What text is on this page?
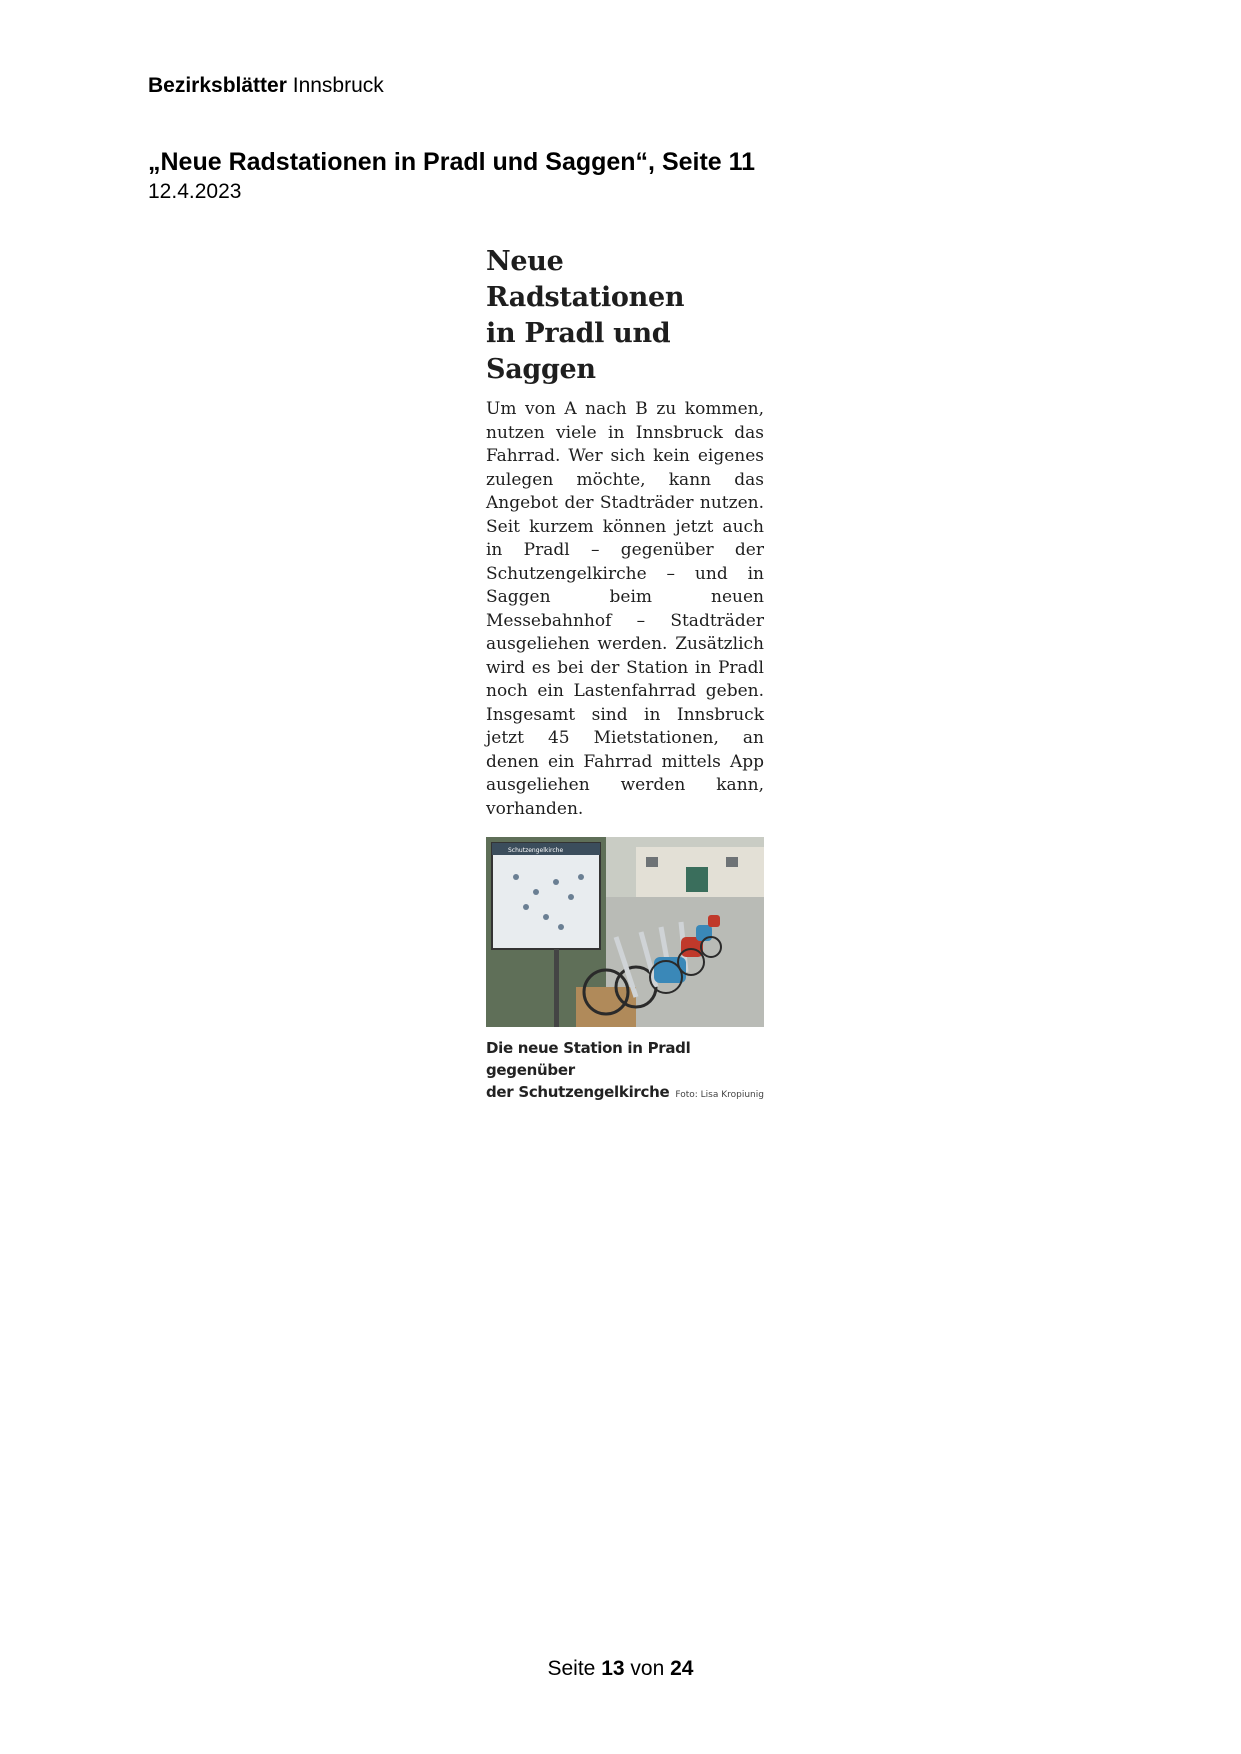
Bezirksblätter Innsbruck
„Neue Radstationen in Pradl und Saggen“, Seite 11
12.4.2023
Neue Radstationen
in Pradl und Saggen
Um von A nach B zu kommen, nutzen viele in Innsbruck das Fahrrad. Wer sich kein eigenes zulegen möchte, kann das Angebot der Stadträder nutzen. Seit kurzem können jetzt auch in Pradl – gegenüber der Schutzengelkirche – und in Saggen beim neuen Messebahnhof – Stadträder ausgeliehen werden. Zusätzlich wird es bei der Station in Pradl noch ein Lastenfahrrad geben. Insgesamt sind in Innsbruck jetzt 45 Mietstationen, an denen ein Fahrrad mittels App ausgeliehen werden kann, vorhanden.
Schutzengelkirche
Die neue Station in Pradl gegenüber
der Schutzengelkirche Foto: Lisa Kropiunig
Seite 13 von 24
